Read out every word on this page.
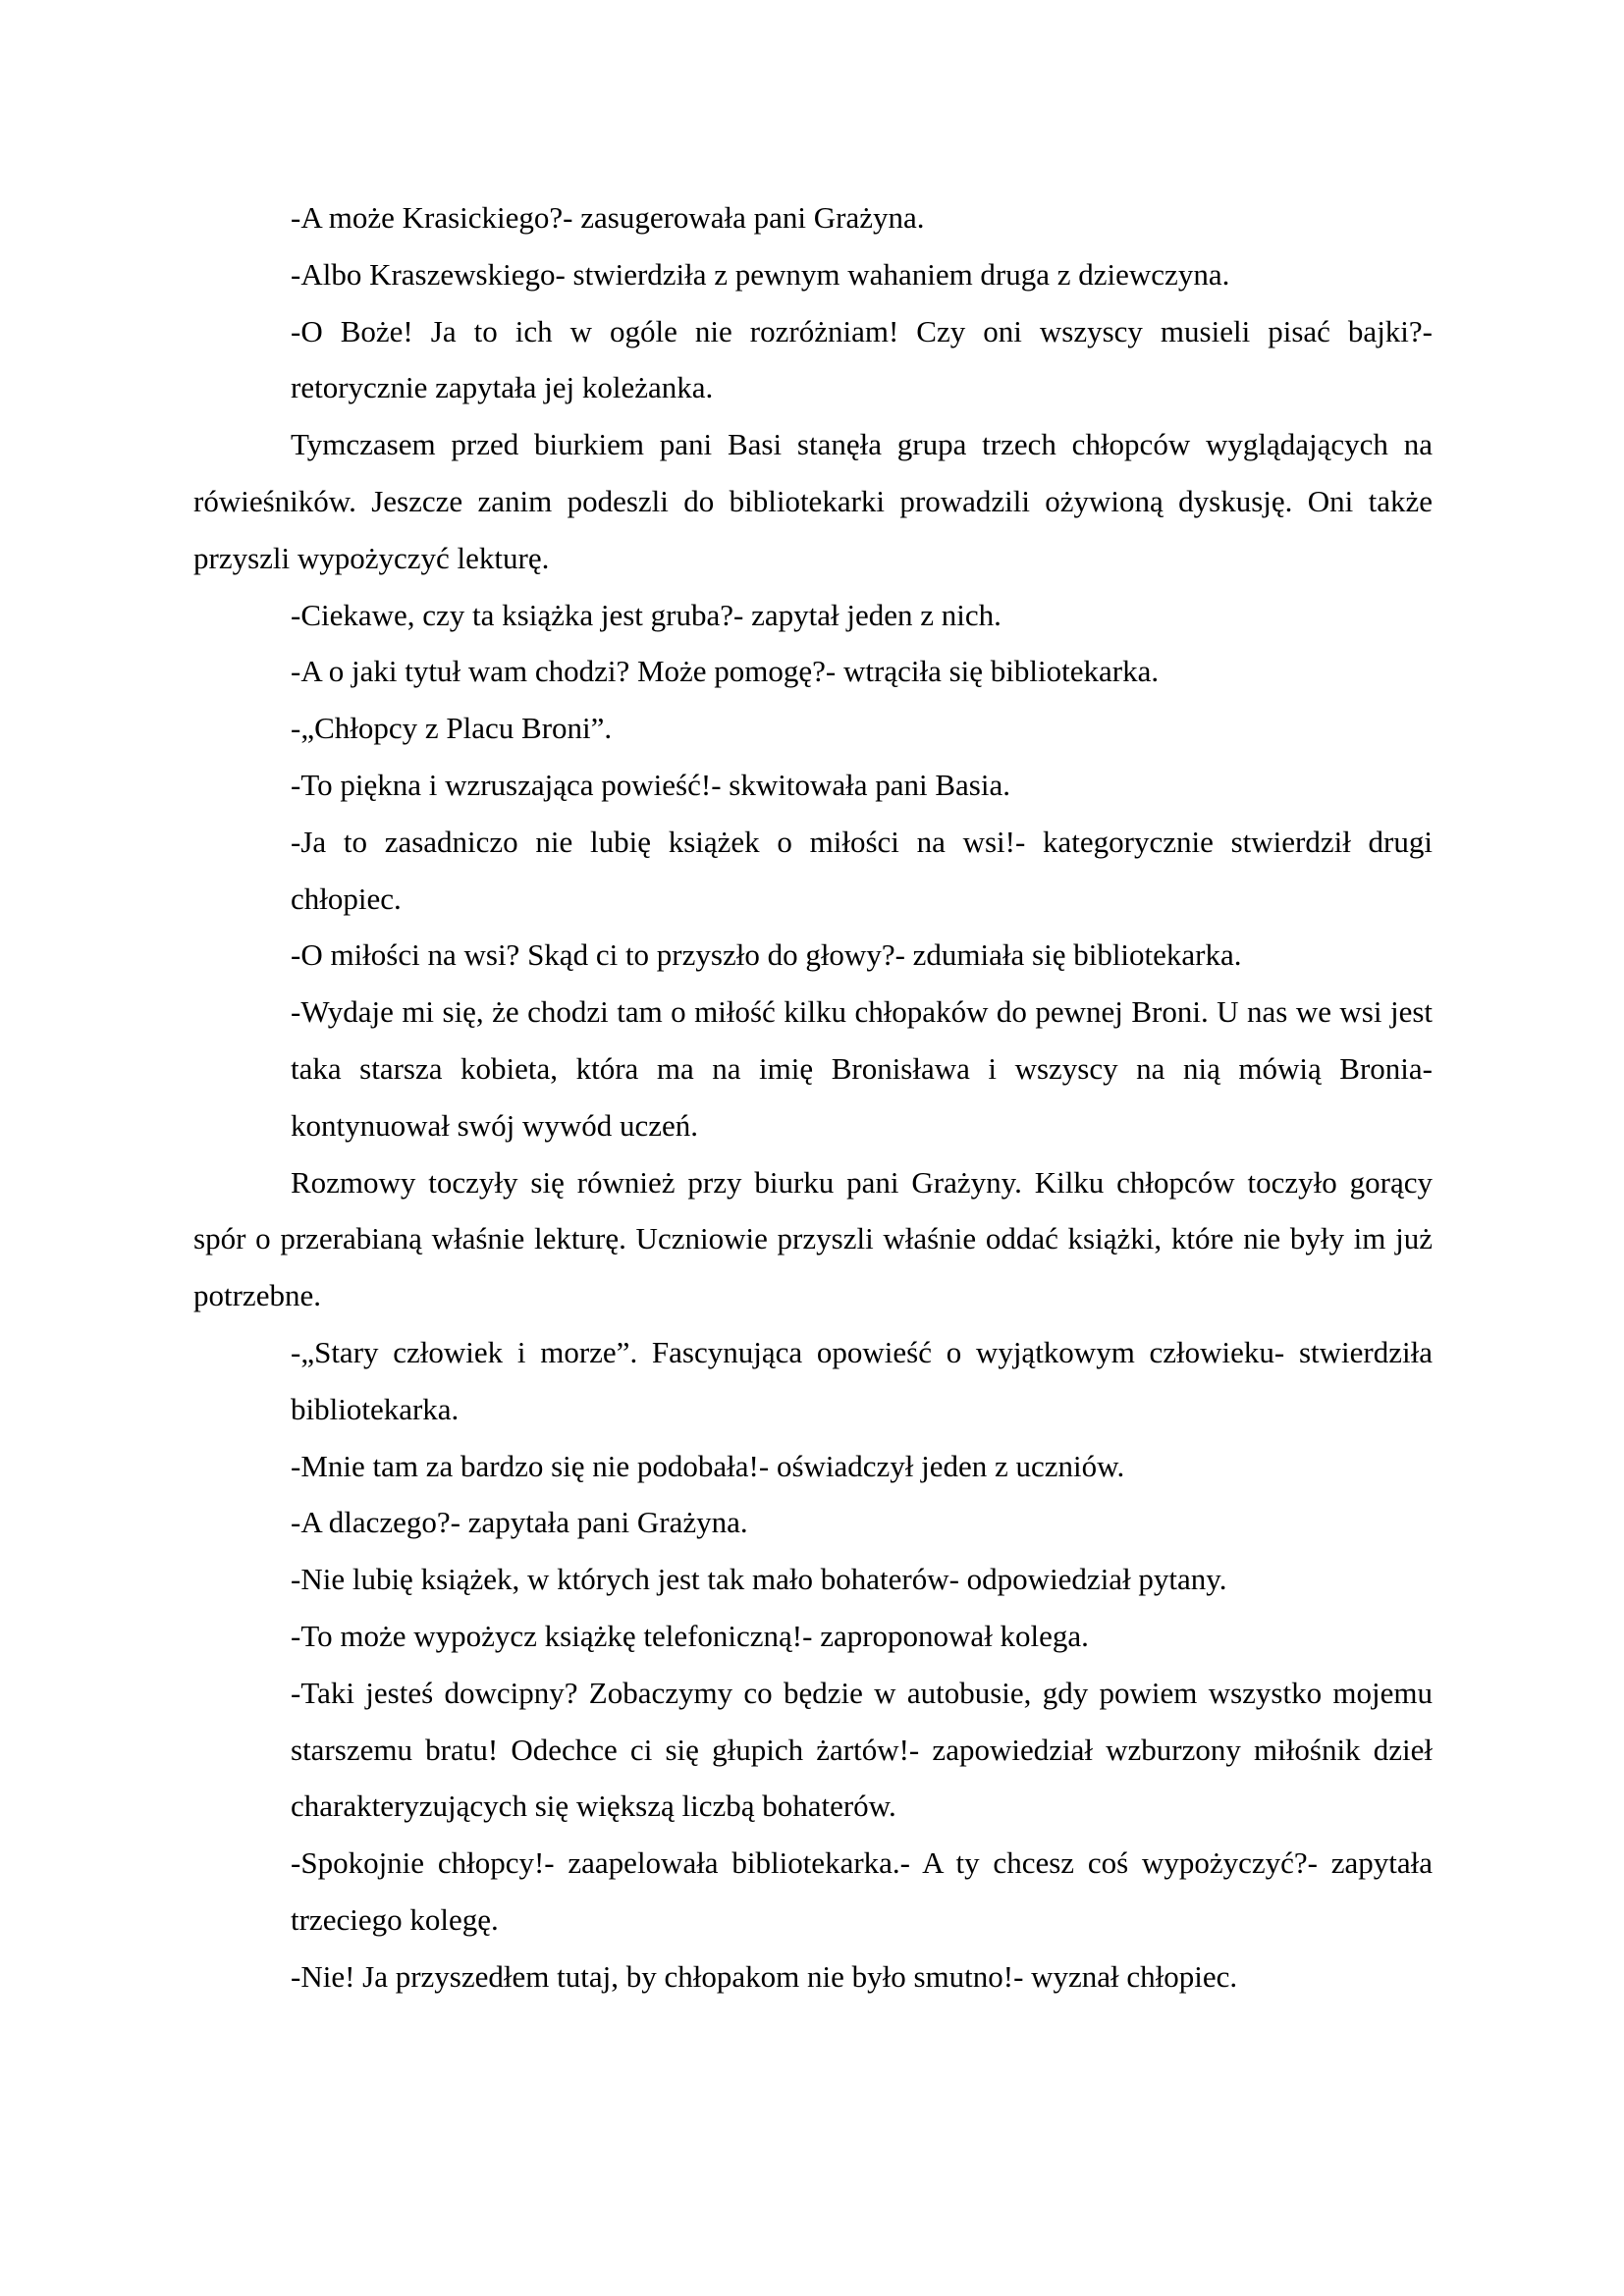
-A może Krasickiego?- zasugerowała pani Grażyna.

-Albo Kraszewskiego- stwierdziła z pewnym wahaniem druga z dziewczyna.

-O Boże! Ja to ich w ogóle nie rozróżniam! Czy oni wszyscy musieli pisać bajki?- retorycznie zapytała jej koleżanka.

Tymczasem przed biurkiem pani Basi stanęła grupa trzech chłopców wyglądających na rówieśników. Jeszcze zanim podeszli do bibliotekarki prowadzili ożywioną dyskusję. Oni także przyszli wypożyczyć lekturę.

-Ciekawe, czy ta książka jest gruba?- zapytał jeden z nich.

-A o jaki tytuł wam chodzi? Może pomogę?- wtrąciła się bibliotekarka.

-„Chłopcy z Placu Broni”.

-To piękna i wzruszająca powieść!- skwitowała pani Basia.

-Ja to zasadniczo nie lubię książek o miłości na wsi!- kategorycznie stwierdził drugi chłopiec.

-O miłości na wsi? Skąd ci to przyszło do głowy?- zdumiała się bibliotekarka.

-Wydaje mi się, że chodzi tam o miłość kilku chłopaków do pewnej Broni. U nas we wsi jest taka starsza kobieta, która ma na imię Bronisława i wszyscy na nią mówią Bronia- kontynuował swój wywód uczeń.

Rozmowy toczyły się również przy biurku pani Grażyny. Kilku chłopców toczyło gorący spór o przerabianą właśnie lekturę. Uczniowie przyszli właśnie oddać książki, które nie były im już potrzebne.

-„Stary człowiek i morze”. Fascynująca opowieść o wyjątkowym człowieku- stwierdziła bibliotekarka.

-Mnie tam za bardzo się nie podobała!- oświadczył jeden z uczniów.

-A dlaczego?- zapytała pani Grażyna.

-Nie lubię książek, w których jest tak mało bohaterów- odpowiedział pytany.

-To może wypożycz książkę telefoniczną!- zaproponował kolega.

-Taki jesteś dowcipny? Zobaczymy co będzie w autobusie, gdy powiem wszystko mojemu starszemu bratu! Odechce ci się głupich żartów!- zapowiedział wzburzony miłośnik dzieł charakteryzujących się większą liczbą bohaterów.

-Spokojnie chłopcy!- zaapelowała bibliotekarka.- A ty chcesz coś wypożyczyć?- zapytała trzeciego kolegę.

-Nie! Ja przyszedłem tutaj, by chłopakom nie było smutno!- wyznał chłopiec.
